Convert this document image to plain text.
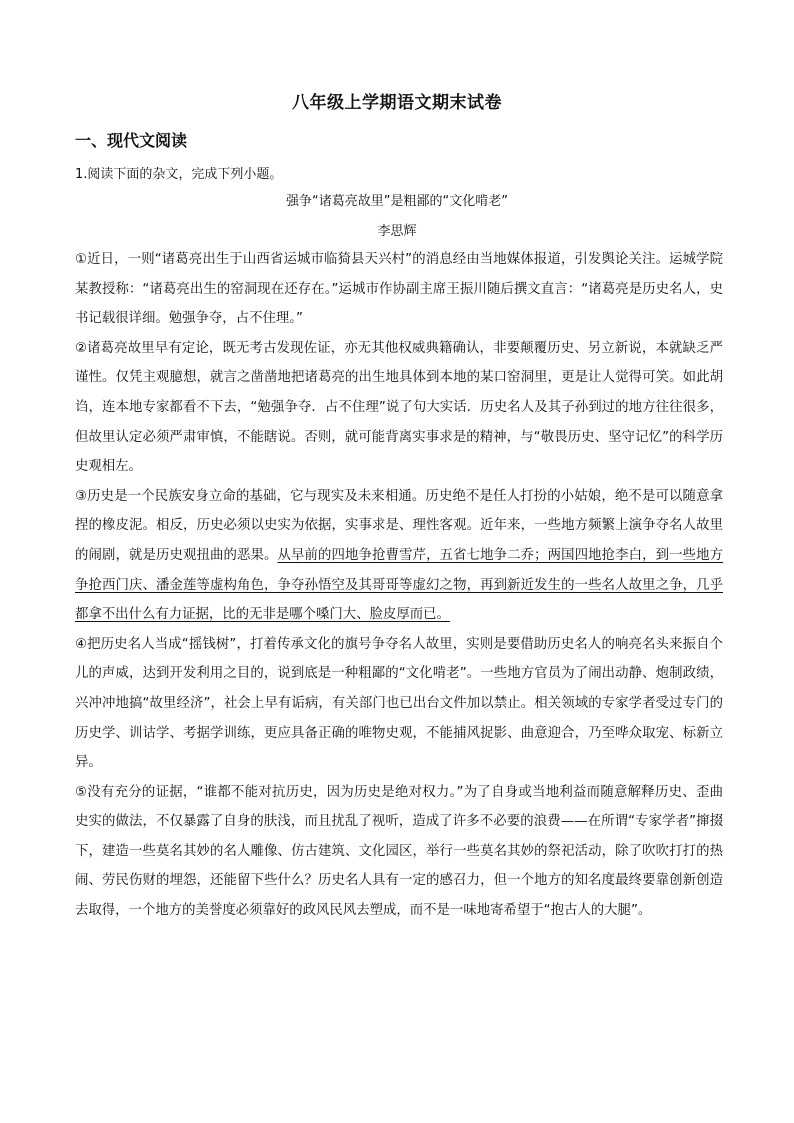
八年级上学期语文期末试卷
一、现代文阅读
1.阅读下面的杂文，完成下列小题。
强争“诸葛亮故里”是粗鄙的“文化啃老”
李思辉

①近日，一则“诸葛亮出生于山西省运城市临猗县天兴村”的消息经由当地媒体报道，引发舆论关注。运城学院某教授称：“诸葛亮出生的窑洞现在还存在。”运城市作协副主席王振川随后撰文直言：“诸葛亮是历史名人，史书记载很详细。勉强争夺，占不住理。”

②诸葛亮故里早有定论，既无考古发现佐证，亦无其他权威典籍确认，非要颠覆历史、另立新说，本就缺乏严谨性。仅凭主观臆想，就言之凿凿地把诸葛亮的出生地具体到本地的某口窑洞里，更是让人觉得可笑。如此胡诌，连本地专家都看不下去，“勉强争夺．占不住理”说了句大实话．历史名人及其子孙到过的地方往往很多，但故里认定必须严肃审慎，不能瞎说。否则，就可能背离实事求是的精神，与“敬畏历史、坚守记忆”的科学历史观相左。

③历史是一个民族安身立命的基础，它与现实及未来相通。历史绝不是任人打扮的小姑娘，绝不是可以随意拿捏的橡皮泥。相反，历史必须以史实为依据，实事求是、理性客观。近年来，一些地方频繁上演争夺名人故里的闹剧，就是历史观扭曲的恶果。从早前的四地争抢曹雪芹，五省七地争二乔；两国四地抢李白，到一些地方争抢西门庆、潘金莲等虚构角色，争夺孙悟空及其哥哥等虚幻之物，再到新近发生的一些名人故里之争，几乎都拿不出什么有力证据，比的无非是哪个嗓门大、脸皮厚而已。

④把历史名人当成“摇钱树”，打着传承文化的旗号争夺名人故里，实则是要借助历史名人的响亮名头来振自个儿的声威，达到开发利用之目的，说到底是一种粗鄙的“文化啃老”。一些地方官员为了闹出动静、炮制政绩，兴冲冲地搞“故里经济”，社会上早有诟病，有关部门也已出台文件加以禁止。相关领域的专家学者受过专门的历史学、训诂学、考据学训练，更应具备正确的唯物史观，不能捕风捉影、曲意迎合，乃至哗众取宠、标新立异。

⑤没有充分的证据，“谁都不能对抗历史，因为历史是绝对权力。”为了自身或当地利益而随意解释历史、歪曲史实的做法，不仅暴露了自身的肤浅，而且扰乱了视听，造成了许多不必要的浪费——在所谓“专家学者”撺掇下，建造一些莫名其妙的名人雕像、仿古建筑、文化园区，举行一些莫名其妙的祭祀活动，除了吹吹打打的热闹、劳民伤财的埋怨，还能留下些什么？历史名人具有一定的感召力，但一个地方的知名度最终要靠创新创造去取得，一个地方的美誉度必须靠好的政风民风去塑成，而不是一味地寄希望于“抱古人的大腿”。
